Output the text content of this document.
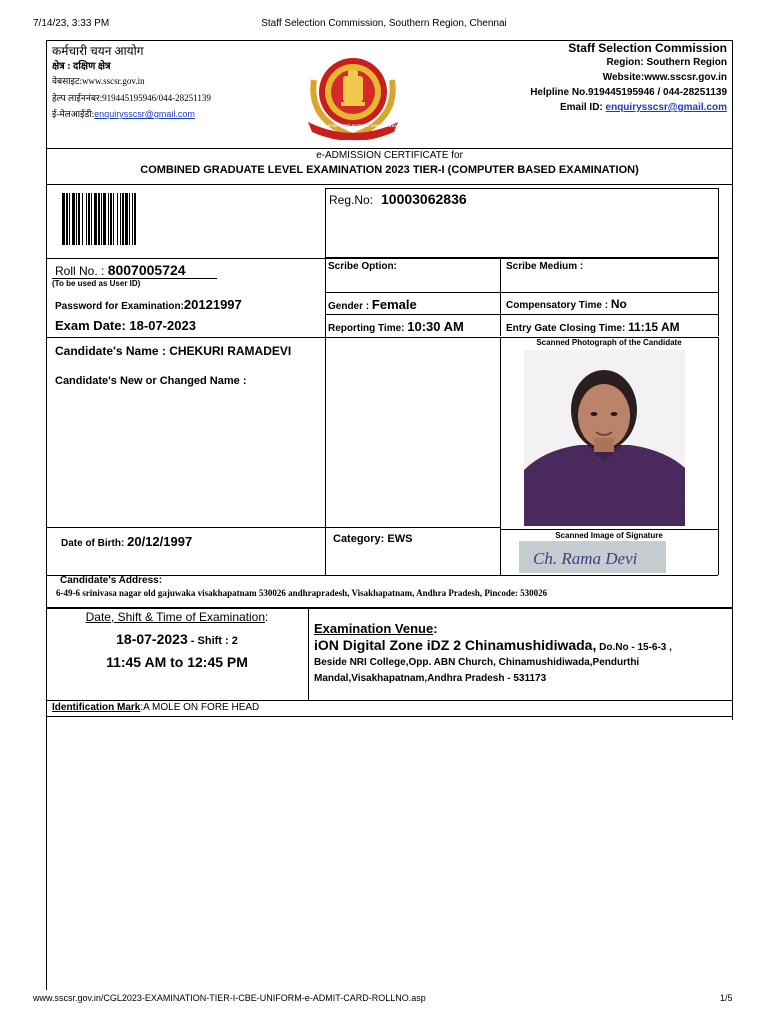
7/14/23, 3:33 PM	Staff Selection Commission, Southern Region, Chennai
www.sscsr.gov.in/CGL2023-EXAMINATION-TIER-I-CBE-UNIFORM-e-ADMIT-CARD-ROLLNO.asp	1/5
कर्मचारी चयन आयोग
क्षेत्र : दक्षिण क्षेत्र
वेबसाइट:www.sscsr.gov.in
हेल्प लाईननंबर:919445195946/044-28251139
ई-मेलआईडी:enquirysscsr@gmail.com
STAFF SELECTION COMMISSION
Staff Selection Commission
Region: Southern Region
Website:www.sscsr.gov.in
Helpline No.919445195946 / 044-28251139
Email ID: enquirysscsr@gmail.com
e-ADMISSION CERTIFICATE for
COMBINED GRADUATE LEVEL EXAMINATION 2023 TIER-I (COMPUTER BASED EXAMINATION)
Reg.No: 10003062836
Roll No. : 8007005724
(To be used as User ID)
Scribe Option:	Scribe Medium :
Password for Examination:20121997	Gender : Female	Compensatory Time : No
Exam Date: 18-07-2023	Reporting Time: 10:30 AM	Entry Gate Closing Time: 11:15 AM
Candidate's Name : CHEKURI RAMADEVI
Candidate's New or Changed Name :
Scanned Photograph of the Candidate
Date of Birth: 20/12/1997	Category: EWS	Scanned Image of Signature
Ch. Rama Devi
Candidate's Address:
6-49-6 srinivasa nagar old gajuwaka visakhapatnam 530026 andhrapradesh, Visakhapatnam, Andhra Pradesh, Pincode: 530026
Date, Shift & Time of Examination:
18-07-2023 - Shift : 2
11:45 AM to 12:45 PM
Examination Venue:
iON Digital Zone iDZ 2 Chinamushidiwada, Do.No - 15-6-3 ,
Beside NRI College,Opp. ABN Church, Chinamushidiwada,Pendurthi
Mandal,Visakhapatnam,Andhra Pradesh - 531173
Identification Mark:A MOLE ON FORE HEAD
